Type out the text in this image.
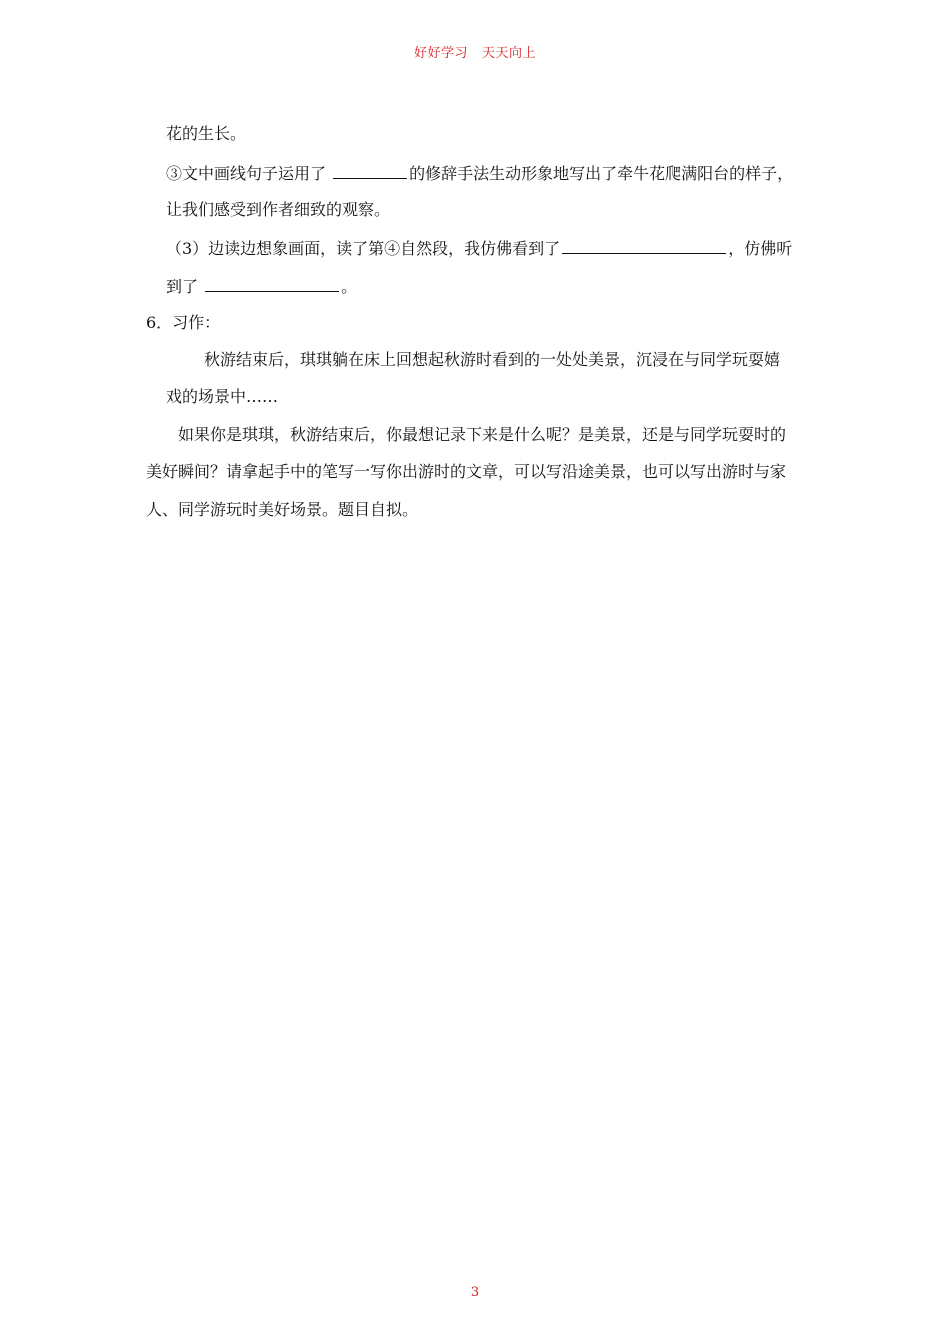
好好学习 天天向上
花的生长。
③文中画线句子运用了	的修辞手法生动形象地写出了牵牛花爬满阳台的样子，
让我们感受到作者细致的观察。
（3）边读边想象画面，读了第④自然段，我仿佛看到了	，仿佛听
到了	。
6．习作：
秋游结束后，琪琪躺在床上回想起秋游时看到的一处处美景，沉浸在与同学玩耍嬉
戏的场景中……
如果你是琪琪，秋游结束后，你最想记录下来是什么呢？是美景，还是与同学玩耍时的
美好瞬间？请拿起手中的笔写一写你出游时的文章，可以写沿途美景，也可以写出游时与家
人、同学游玩时美好场景。题目自拟。
3
